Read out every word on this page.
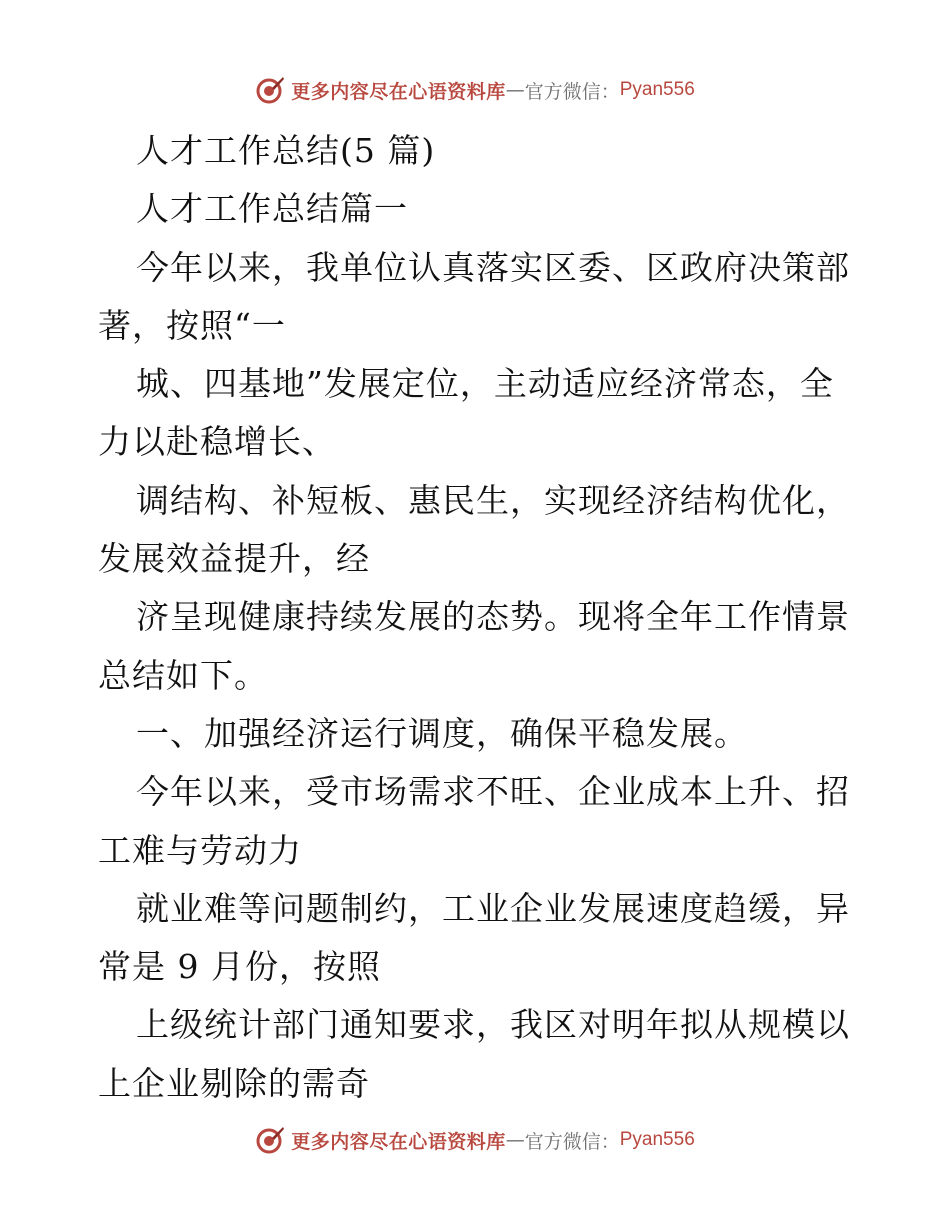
更多内容尽在心语资料库 — 官方微信： Pyan556
人才工作总结(5 篇)
人才工作总结篇一
今年以来，我单位认真落实区委、区政府决策部
著，按照“一
城、四基地”发展定位，主动适应经济常态，全
力以赴稳增长、
调结构、补短板、惠民生，实现经济结构优化，
发展效益提升，经
济呈现健康持续发展的态势。现将全年工作情景
总结如下。
一、加强经济运行调度，确保平稳发展。
今年以来，受市场需求不旺、企业成本上升、招
工难与劳动力
就业难等问题制约，工业企业发展速度趋缓，异
常是 9 月份，按照
上级统计部门通知要求，我区对明年拟从规模以
上企业剔除的需奇
更多内容尽在心语资料库 — 官方微信： Pyan556
